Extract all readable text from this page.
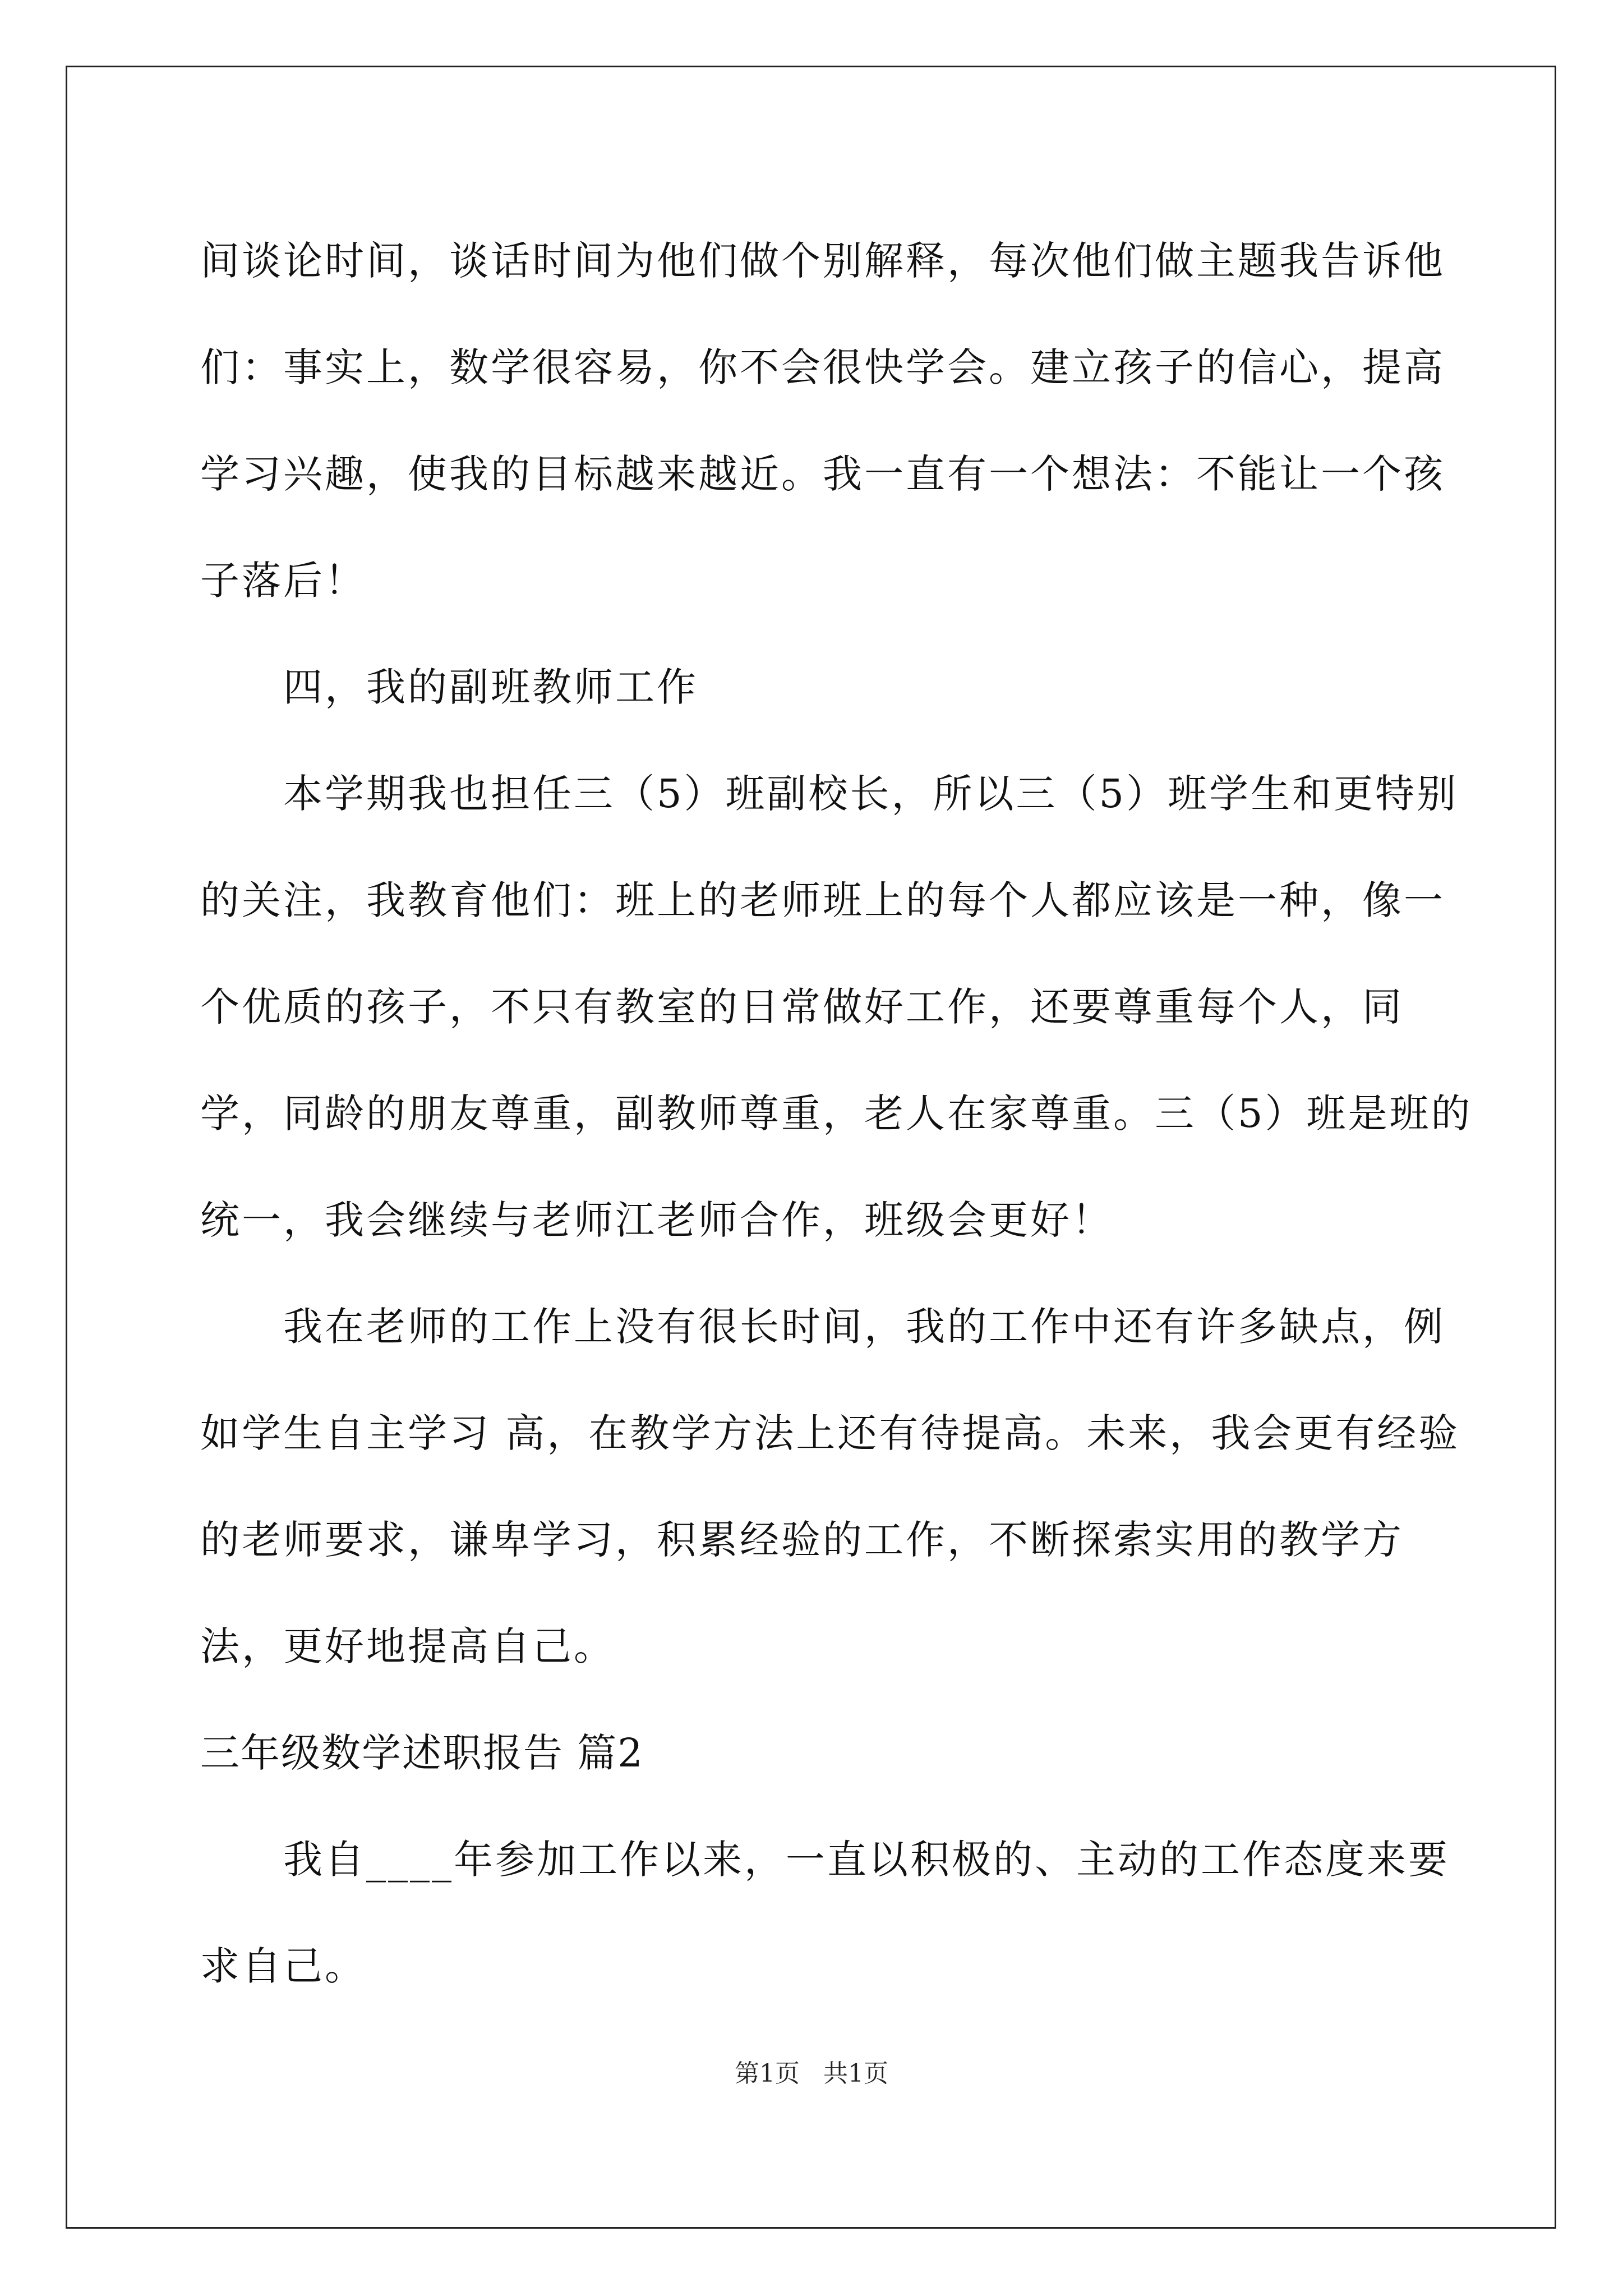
间谈论时间，谈话时间为他们做个别解释，每次他们做主题我告诉他们：事实上，数学很容易，你不会很快学会。建立孩子的信心，提高学习兴趣，使我的目标越来越近。我一直有一个想法：不能让一个孩子落后！

四，我的副班教师工作

本学期我也担任三（5）班副校长，所以三（5）班学生和更特别的关注，我教育他们：班上的老师班上的每个人都应该是一种，像一个优质的孩子，不只有教室的日常做好工作，还要尊重每个人，同学，同龄的朋友尊重，副教师尊重，老人在家尊重。三（5）班是班的统一，我会继续与老师江老师合作，班级会更好！

我在老师的工作上没有很长时间，我的工作中还有许多缺点，例如学生自主学习 高，在教学方法上还有待提高。未来，我会更有经验的老师要求，谦卑学习，积累经验的工作，不断探索实用的教学方法，更好地提高自己。

三年级数学述职报告 篇2

我自____年参加工作以来，一直以积极的、主动的工作态度来要求自己。

第1页 共1页
